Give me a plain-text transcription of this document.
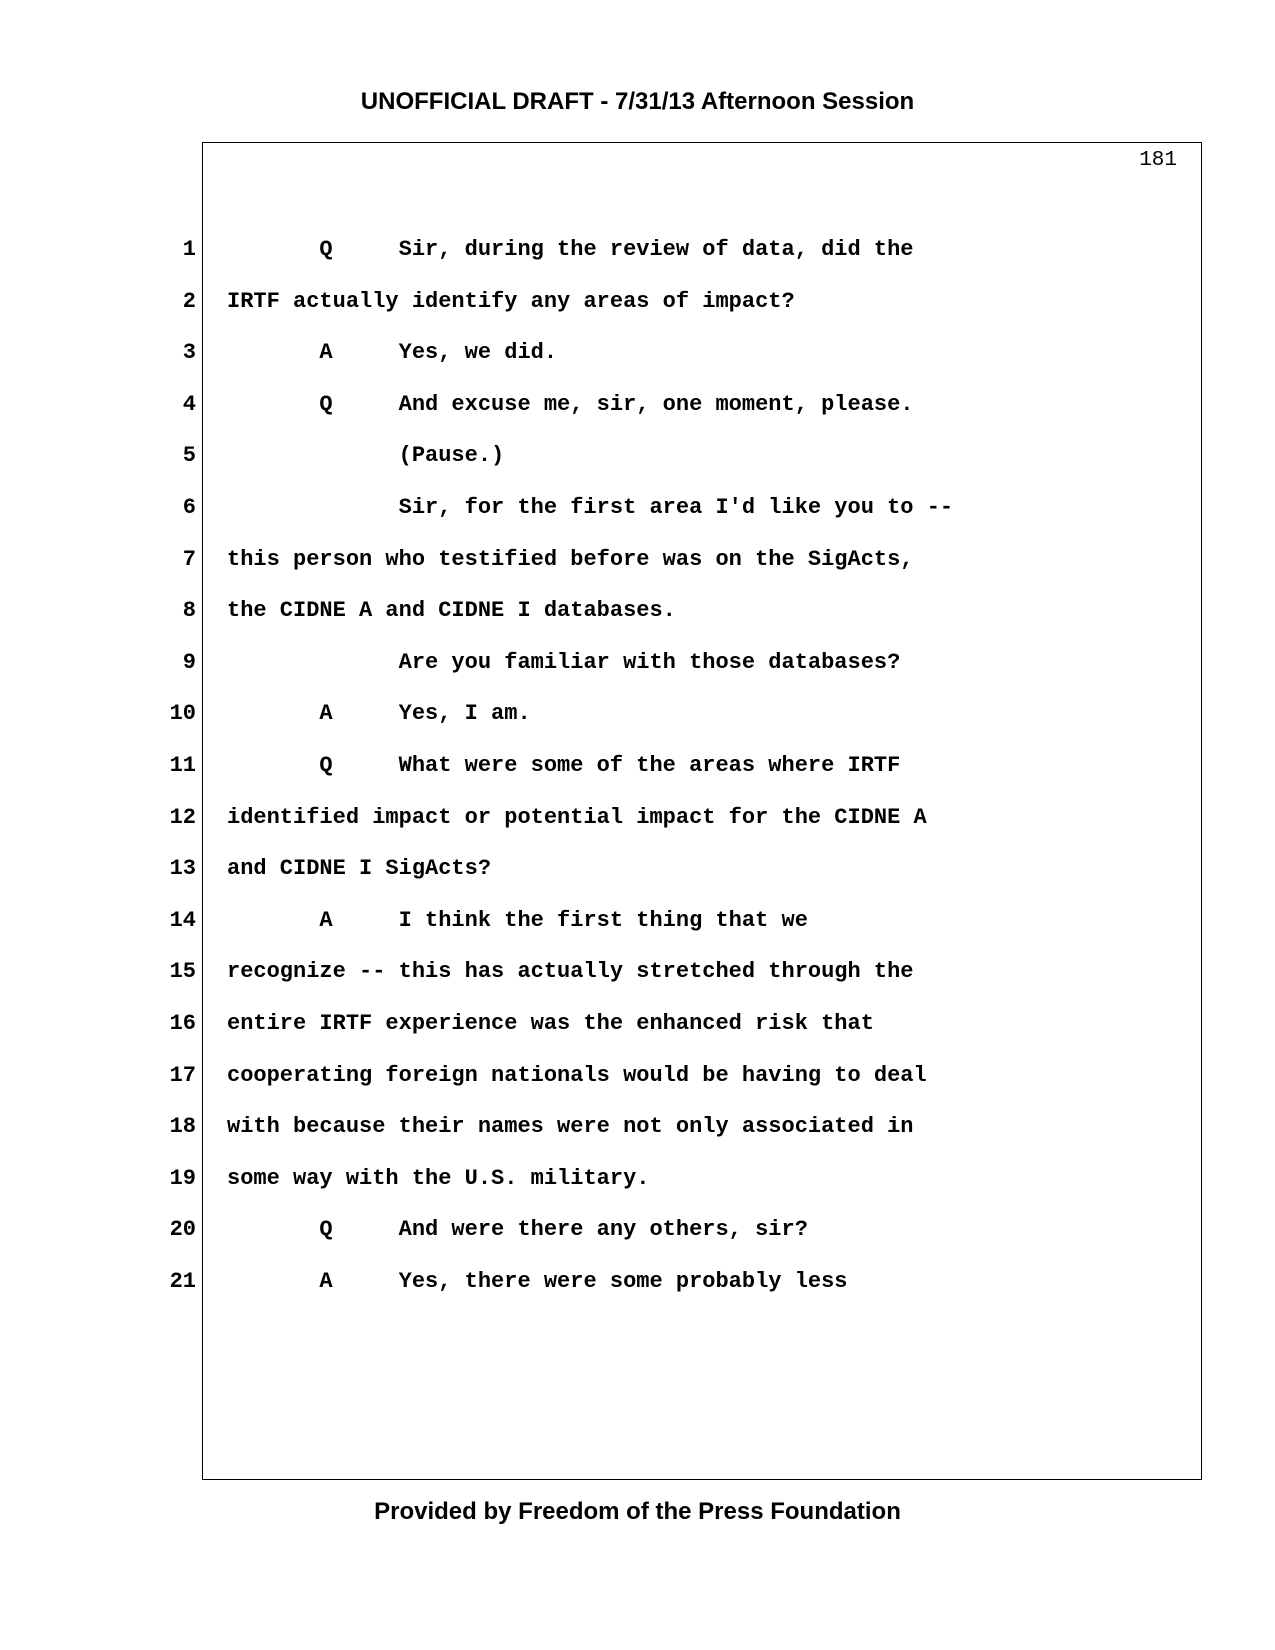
UNOFFICIAL DRAFT - 7/31/13 Afternoon Session
181
1 Q     Sir, during the review of data, did the
2 IRTF actually identify any areas of impact?
3 A     Yes, we did.
4 Q     And excuse me, sir, one moment, please.
5 (Pause.)
6 Sir, for the first area I'd like you to --
7 this person who testified before was on the SigActs,
8 the CIDNE A and CIDNE I databases.
9 Are you familiar with those databases?
10 A     Yes, I am.
11 Q     What were some of the areas where IRTF
12 identified impact or potential impact for the CIDNE A
13 and CIDNE I SigActs?
14 A     I think the first thing that we
15 recognize -- this has actually stretched through the
16 entire IRTF experience was the enhanced risk that
17 cooperating foreign nationals would be having to deal
18 with because their names were not only associated in
19 some way with the U.S. military.
20 Q     And were there any others, sir?
21 A     Yes, there were some probably less
Provided by Freedom of the Press Foundation
